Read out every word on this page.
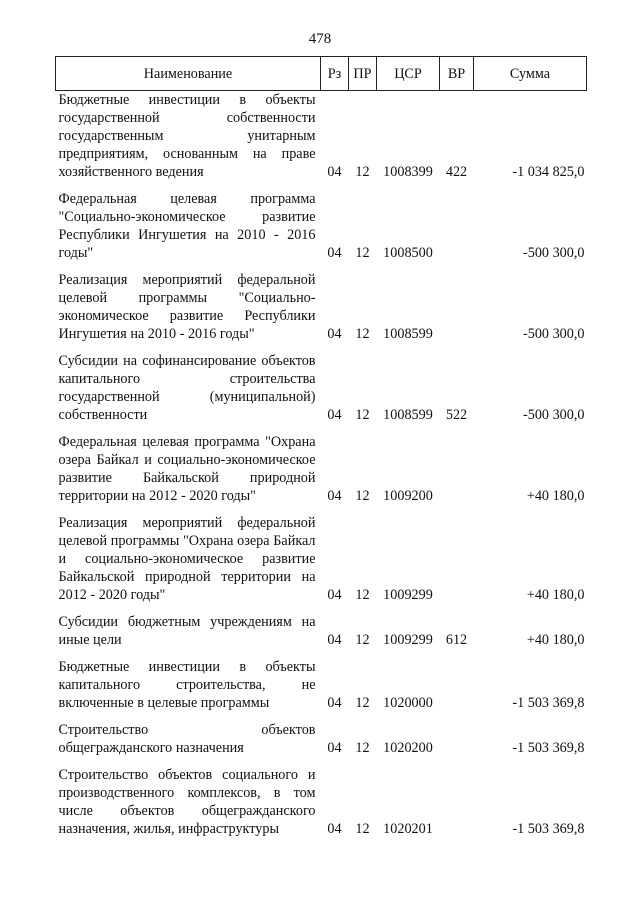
478
Наименование	Рз	ПР	ЦСР	ВР	Сумма
Бюджетные инвестиции в объекты государственной собственности государственным унитарным предприятиям, основанным на праве хозяйственного ведения	04	12	1008399	422	-1 034 825,0
Федеральная целевая программа "Социально-экономическое развитие Республики Ингушетия на 2010 - 2016 годы"	04	12	1008500		-500 300,0
Реализация мероприятий федеральной целевой программы "Социально-экономическое развитие Республики Ингушетия на 2010 - 2016 годы"	04	12	1008599		-500 300,0
Субсидии на софинансирование объектов капитального строительства государственной (муниципальной) собственности	04	12	1008599	522	-500 300,0
Федеральная целевая программа "Охрана озера Байкал и социально-экономическое развитие Байкальской природной территории на 2012 - 2020 годы"	04	12	1009200		+40 180,0
Реализация мероприятий федеральной целевой программы "Охрана озера Байкал и социально-экономическое развитие Байкальской природной территории на 2012 - 2020 годы"	04	12	1009299		+40 180,0
Субсидии бюджетным учреждениям на иные цели	04	12	1009299	612	+40 180,0
Бюджетные инвестиции в объекты капитального строительства, не включенные в целевые программы	04	12	1020000		-1 503 369,8
Строительство объектов общегражданского назначения	04	12	1020200		-1 503 369,8
Строительство объектов социального и производственного комплексов, в том числе объектов общегражданского назначения, жилья, инфраструктуры	04	12	1020201		-1 503 369,8
